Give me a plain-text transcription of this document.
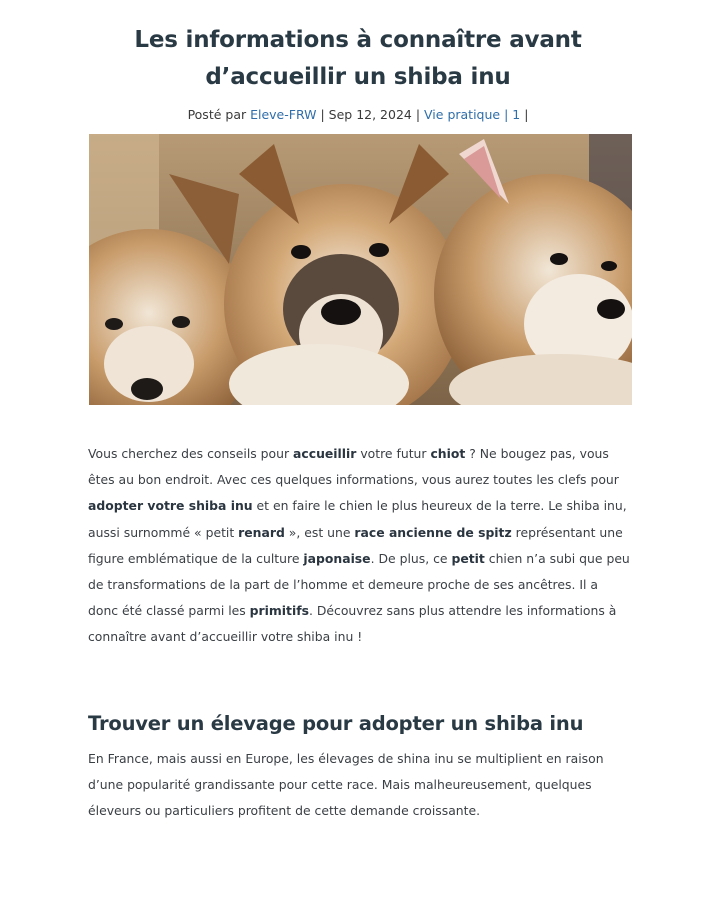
Les informations à connaître avant
d’accueillir un shiba inu
Posté par Eleve-FRW | Sep 12, 2024 | Vie pratique | 1 |
Vous cherchez des conseils pour accueillir votre futur chiot ? Ne bougez pas, vous
êtes au bon endroit. Avec ces quelques informations, vous aurez toutes les clefs pour
adopter votre shiba inu et en faire le chien le plus heureux de la terre. Le shiba inu,
aussi surnommé « petit renard », est une race ancienne de spitz représentant une
figure emblématique de la culture japonaise. De plus, ce petit chien n’a subi que peu
de transformations de la part de l’homme et demeure proche de ses ancêtres. Il a
donc été classé parmi les primitifs. Découvrez sans plus attendre les informations à
connaître avant d’accueillir votre shiba inu !
Trouver un élevage pour adopter un shiba inu
En France, mais aussi en Europe, les élevages de shina inu se multiplient en raison
d’une popularité grandissante pour cette race. Mais malheureusement, quelques
éleveurs ou particuliers profitent de cette demande croissante.
